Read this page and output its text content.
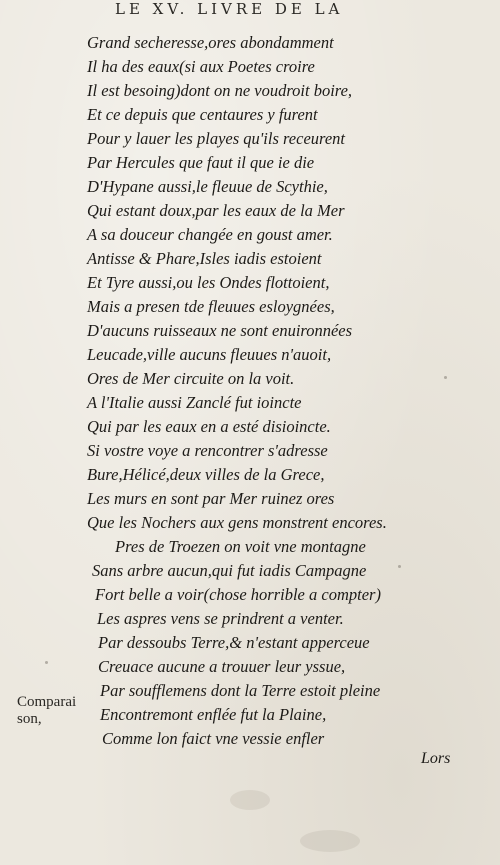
LE XV. LIVRE DE LA
Grand secheresse,ores abondamment
Il ha des eaux(si aux Poetes croire
Il est besoing)dont on ne voudroit boire,
Et ce depuis que centaures y furent
Pour y lauer les playes qu'ils receurent
Par Hercules que faut il que ie die
D'Hypane aussi,le fleuue de Scythie,
Qui estant doux,par les eaux de la Mer
A sa douceur changée en goust amer.
Antisse & Phare,Isles iadis estoient
Et Tyre aussi,ou les Ondes flottoient,
Mais a presen tde fleuues esloygnées,
D'aucuns ruisseaux ne sont enuironnées
Leucade,ville aucuns fleuues n'auoit,
Ores de Mer circuite on la voit.
A l'Italie aussi Zanclé fut ioincte
Qui par les eaux en a esté disioincte.
Si vostre voye a rencontrer s'adresse
Bure,Hélicé,deux villes de la Grece,
Les murs en sont par Mer ruinez ores
Que les Nochers aux gens monstrent encores.
Pres de Troezen on voit vne montagne
Sans arbre aucun,qui fut iadis Campagne
Fort belle a voir(chose horrible a compter)
Les aspres vens se prindrent a venter.
Par dessoubs Terre,& n'estant apperceue
Creuace aucune a trouuer leur yssue,
Par soufflemens dont la Terre estoit pleine
Encontremont enflée fut la Plaine,
Comme lon faict vne vessie enfler
Comparai
son,
Lors
